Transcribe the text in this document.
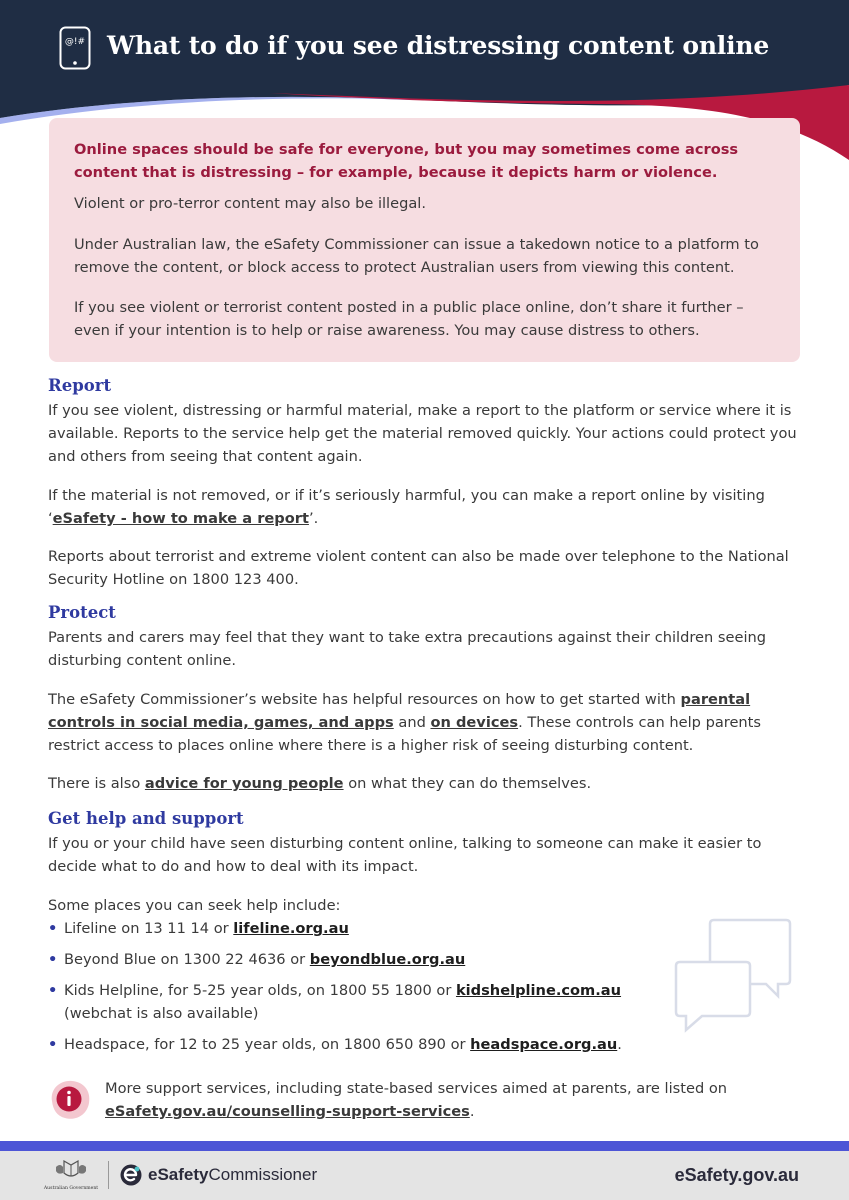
@!# What to do if you see distressing content online

Online spaces should be safe for everyone, but you may sometimes come across content that is distressing – for example, because it depicts harm or violence.

Violent or pro-terror content may also be illegal.

Under Australian law, the eSafety Commissioner can issue a takedown notice to a platform to remove the content, or block access to protect Australian users from viewing this content.

If you see violent or terrorist content posted in a public place online, don’t share it further – even if your intention is to help or raise awareness. You may cause distress to others.

Report

If you see violent, distressing or harmful material, make a report to the platform or service where it is available. Reports to the service help get the material removed quickly. Your actions could protect you and others from seeing that content again.

If the material is not removed, or if it’s seriously harmful, you can make a report online by visiting ‘eSafety - how to make a report’.

Reports about terrorist and extreme violent content can also be made over telephone to the National Security Hotline on 1800 123 400.

Protect

Parents and carers may feel that they want to take extra precautions against their children seeing disturbing content online.

The eSafety Commissioner’s website has helpful resources on how to get started with parental controls in social media, games, and apps and on devices. These controls can help parents restrict access to places online where there is a higher risk of seeing disturbing content.

There is also advice for young people on what they can do themselves.

Get help and support

If you or your child have seen disturbing content online, talking to someone can make it easier to decide what to do and how to deal with its impact.

Some places you can seek help include:

• Lifeline on 13 11 14 or lifeline.org.au
• Beyond Blue on 1300 22 4636 or beyondblue.org.au
• Kids Helpline, for 5-25 year olds, on 1800 55 1800 or kidshelpline.com.au (webchat is also available)
• Headspace, for 12 to 25 year olds, on 1800 650 890 or headspace.org.au.

More support services, including state-based services aimed at parents, are listed on eSafety.gov.au/counselling-support-services.

Australian Government
eSafetyCommissioner	eSafety.gov.au
